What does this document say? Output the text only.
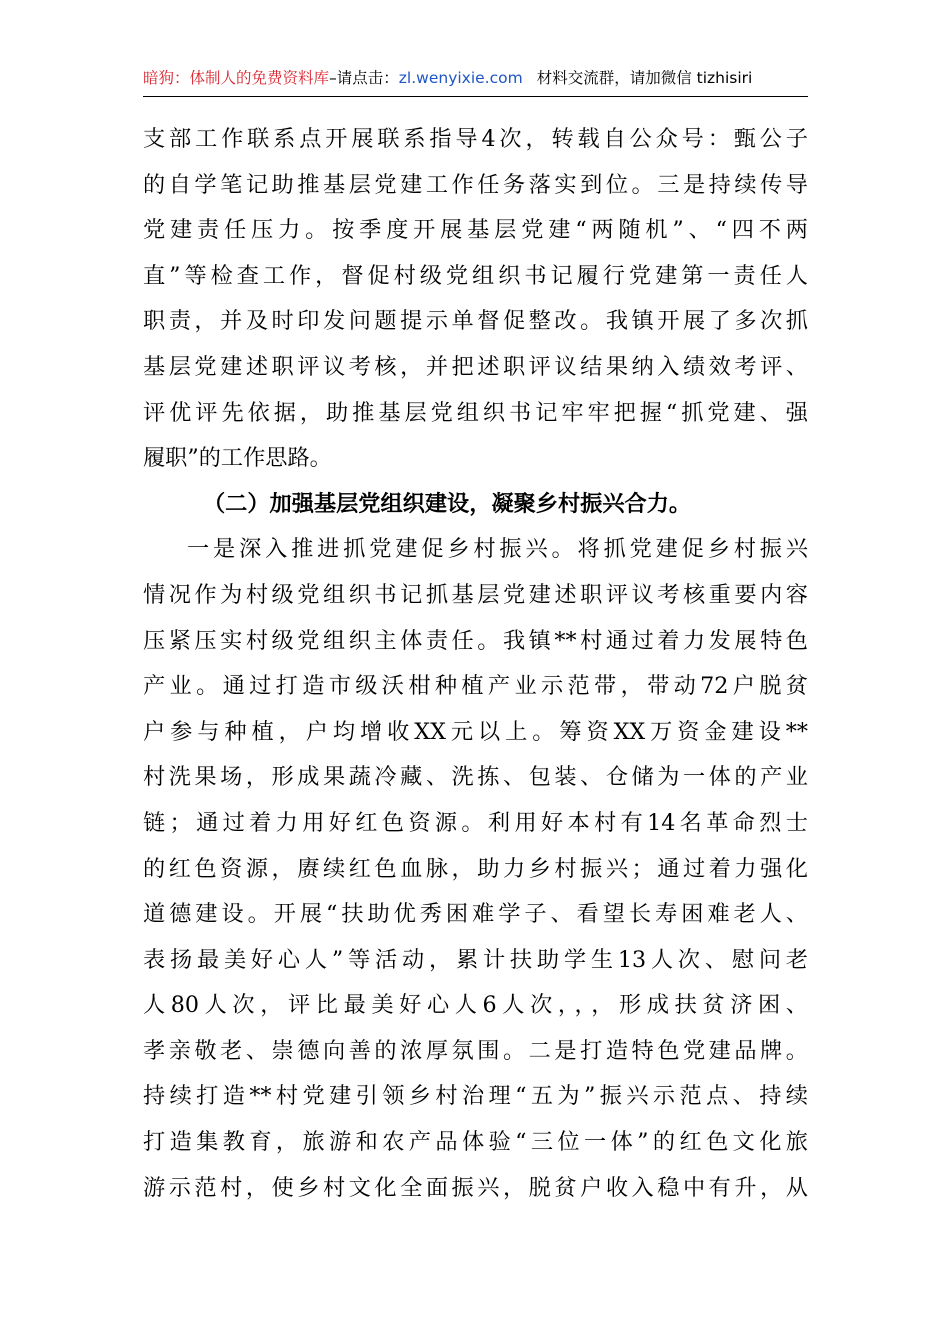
暗狗：体制人的免费资料库–请点击：zl.wenyixie.com 材料交流群，请加微信 tizhisiri
支部工作联系点开展联系指导4次，转载自公众号：甄公子
的自学笔记助推基层党建工作任务落实到位。三是持续传导
党建责任压力。按季度开展基层党建“两随机”、“四不两
直”等检查工作，督促村级党组织书记履行党建第一责任人
职责，并及时印发问题提示单督促整改。我镇开展了多次抓
基层党建述职评议考核，并把述职评议结果纳入绩效考评、
评优评先依据，助推基层党组织书记牢牢把握“抓党建、强
履职”的工作思路。
（二）加强基层党组织建设，凝聚乡村振兴合力。
一是深入推进抓党建促乡村振兴。将抓党建促乡村振兴
情况作为村级党组织书记抓基层党建述职评议考核重要内容
压紧压实村级党组织主体责任。我镇**村通过着力发展特色
产业。通过打造市级沃柑种植产业示范带，带动72户脱贫
户参与种植，户均增收XX元以上。筹资XX万资金建设**
村洗果场，形成果蔬冷藏、洗拣、包装、仓储为一体的产业
链；通过着力用好红色资源。利用好本村有14名革命烈士
的红色资源，赓续红色血脉，助力乡村振兴；通过着力强化
道德建设。开展“扶助优秀困难学子、看望长寿困难老人、
表扬最美好心人”等活动，累计扶助学生13人次、慰问老
人80人次，评比最美好心人6人次，，，形成扶贫济困、
孝亲敬老、崇德向善的浓厚氛围。二是打造特色党建品牌。
持续打造**村党建引领乡村治理“五为”振兴示范点、持续
打造集教育，旅游和农产品体验“三位一体”的红色文化旅
游示范村，使乡村文化全面振兴，脱贫户收入稳中有升，从
